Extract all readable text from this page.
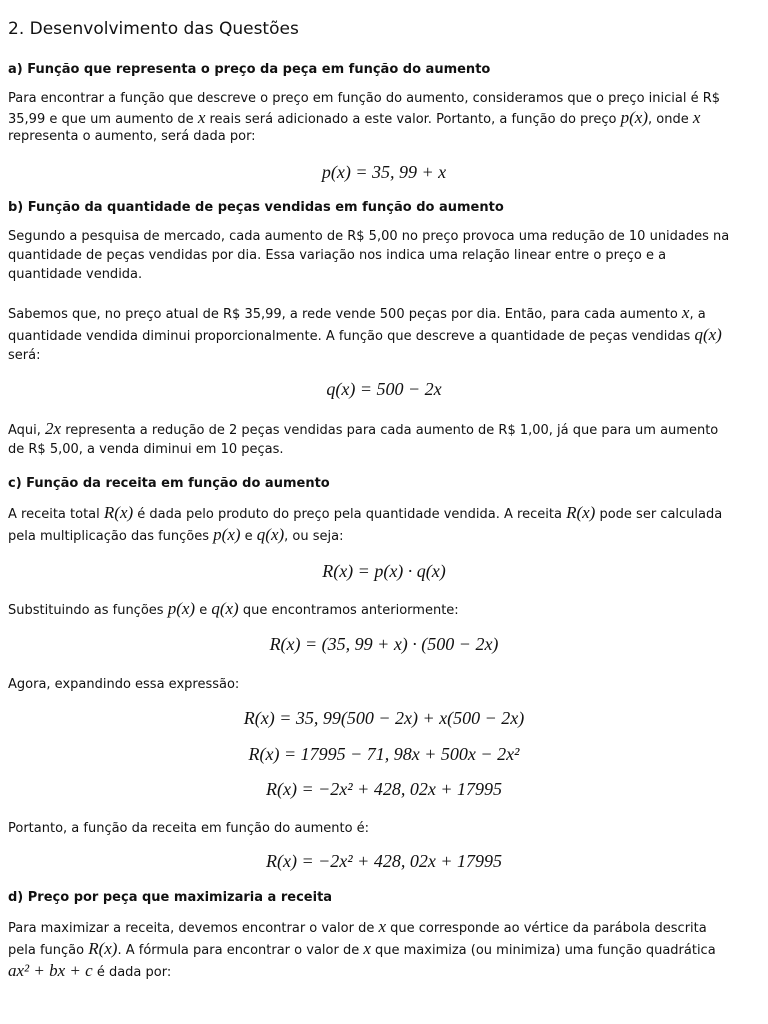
2. Desenvolvimento das Questões
a) Função que representa o preço da peça em função do aumento
Para encontrar a função que descreve o preço em função do aumento, consideramos que o preço inicial é R$
35,99 e que um aumento de x reais será adicionado a este valor. Portanto, a função do preço p(x), onde x
representa o aumento, será dada por:
p(x) = 35, 99 + x
b) Função da quantidade de peças vendidas em função do aumento
Segundo a pesquisa de mercado, cada aumento de R$ 5,00 no preço provoca uma redução de 10 unidades na
quantidade de peças vendidas por dia. Essa variação nos indica uma relação linear entre o preço e a
quantidade vendida.
Sabemos que, no preço atual de R$ 35,99, a rede vende 500 peças por dia. Então, para cada aumento x, a
quantidade vendida diminui proporcionalmente. A função que descreve a quantidade de peças vendidas q(x)
será:
q(x) = 500 − 2x
Aqui, 2x representa a redução de 2 peças vendidas para cada aumento de R$ 1,00, já que para um aumento
de R$ 5,00, a venda diminui em 10 peças.
c) Função da receita em função do aumento
A receita total R(x) é dada pelo produto do preço pela quantidade vendida. A receita R(x) pode ser calculada
pela multiplicação das funções p(x) e q(x), ou seja:
R(x) = p(x) · q(x)
Substituindo as funções p(x) e q(x) que encontramos anteriormente:
R(x) = (35, 99 + x) · (500 − 2x)
Agora, expandindo essa expressão:
R(x) = 35, 99(500 − 2x) + x(500 − 2x)
R(x) = 17995 − 71, 98x + 500x − 2x²
R(x) = −2x² + 428, 02x + 17995
Portanto, a função da receita em função do aumento é:
R(x) = −2x² + 428, 02x + 17995
d) Preço por peça que maximizaria a receita
Para maximizar a receita, devemos encontrar o valor de x que corresponde ao vértice da parábola descrita
pela função R(x). A fórmula para encontrar o valor de x que maximiza (ou minimiza) uma função quadrática
ax² + bx + c é dada por:
